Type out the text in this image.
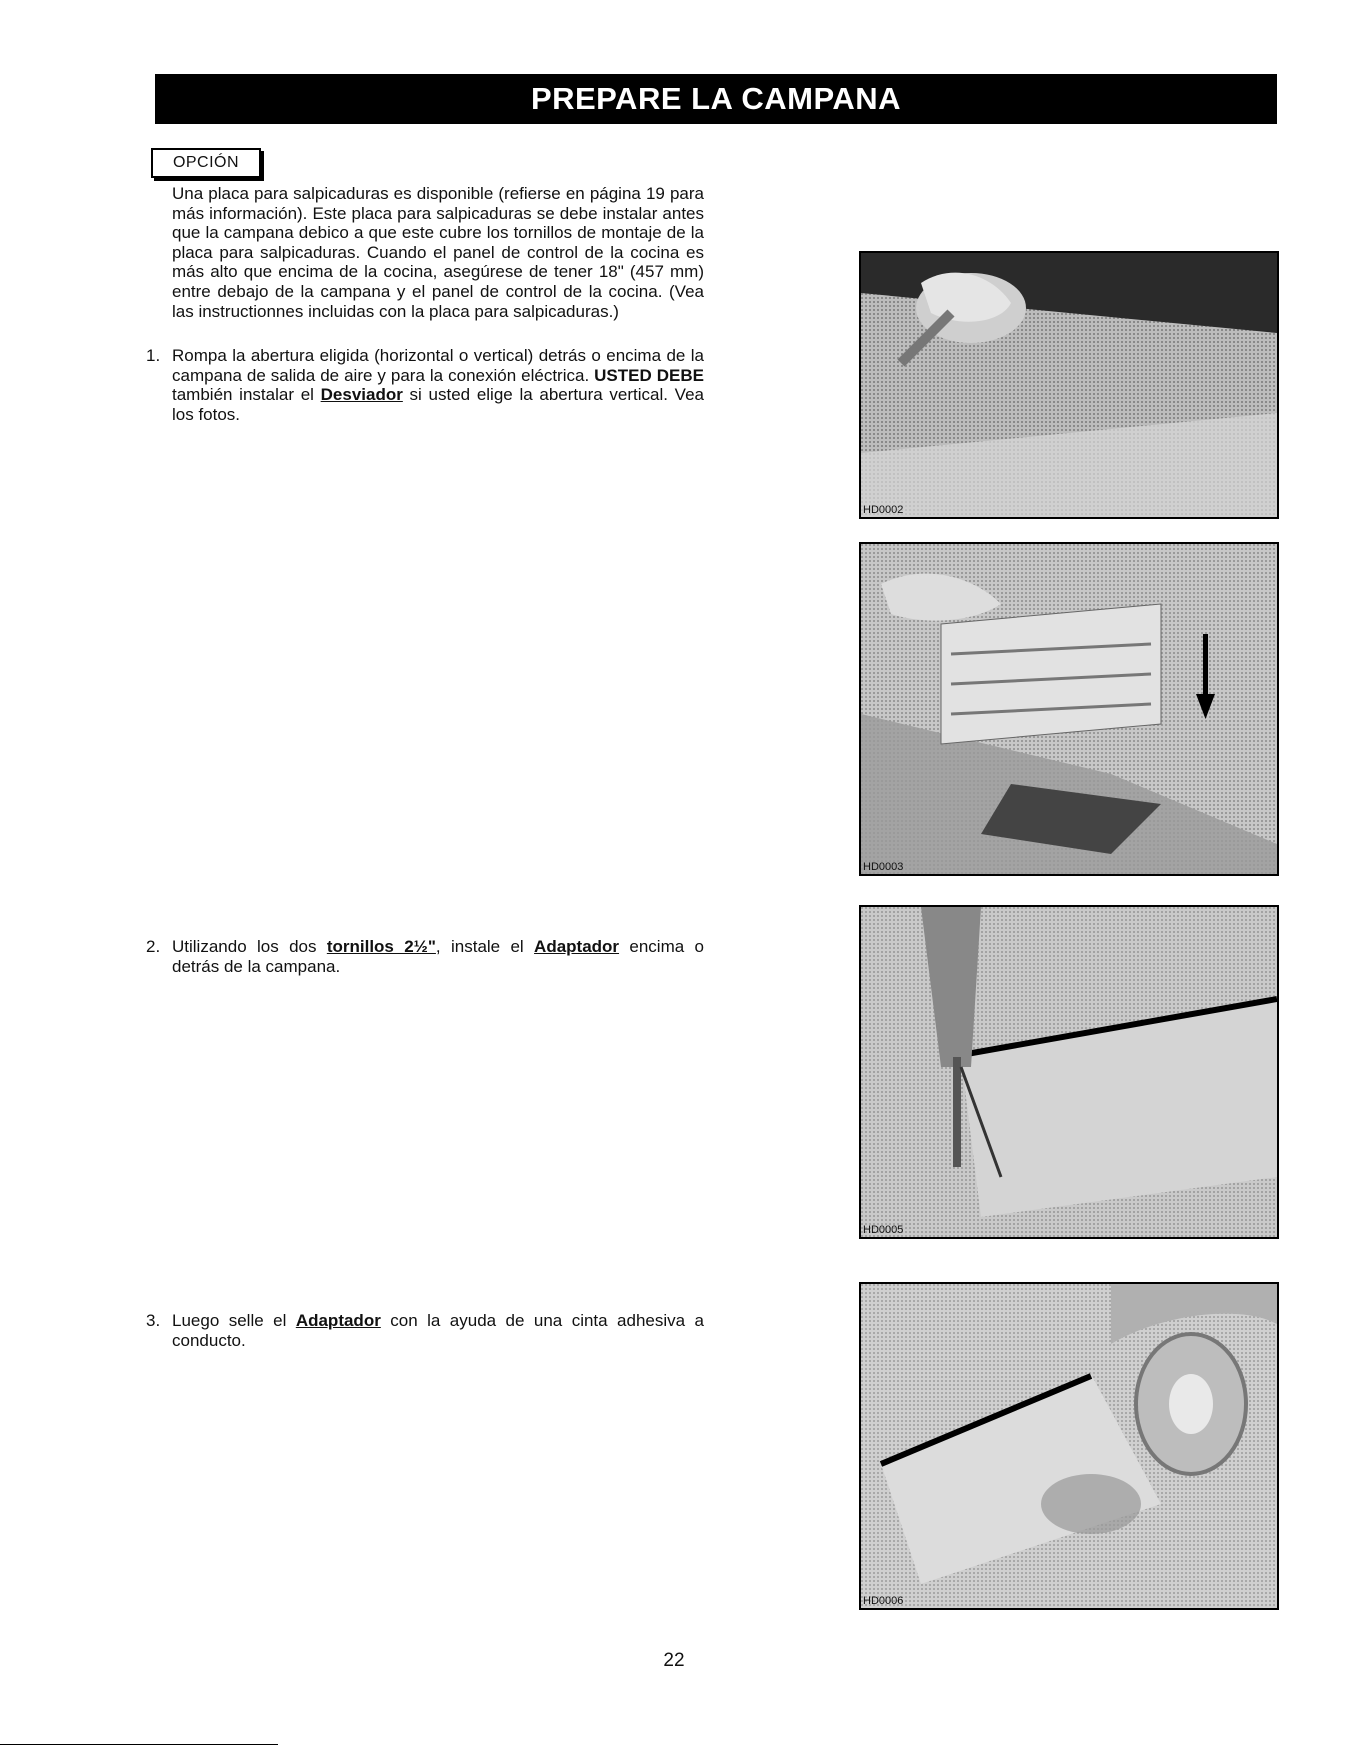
PREPARE LA CAMPANA
OPCIÓN
Una placa para salpicaduras es disponible (refierse en página 19 para más información). Este placa para salpicaduras se debe instalar antes que la campana debico a que este cubre los tornillos de montaje de la placa para salpicaduras. Cuando el panel de control de la cocina es más alto que encima de la cocina, asegúrese de tener 18" (457 mm) entre debajo de la campana y el panel de control de la cocina. (Vea las instructionnes incluidas con la placa para salpicaduras.)
1. Rompa la abertura eligida (horizontal o vertical) detrás o encima de la campana de salida de aire y para la conexión eléctrica. USTED DEBE también instalar el Desviador si usted elige la abertura vertical. Vea los fotos.
2. Utilizando los dos tornillos 2½", instale el Adaptador encima o detrás de la campana.
3. Luego selle el Adaptador con la ayuda de una cinta adhesiva a conducto.
HD0002
HD0003
HD0005
HD0006
22
